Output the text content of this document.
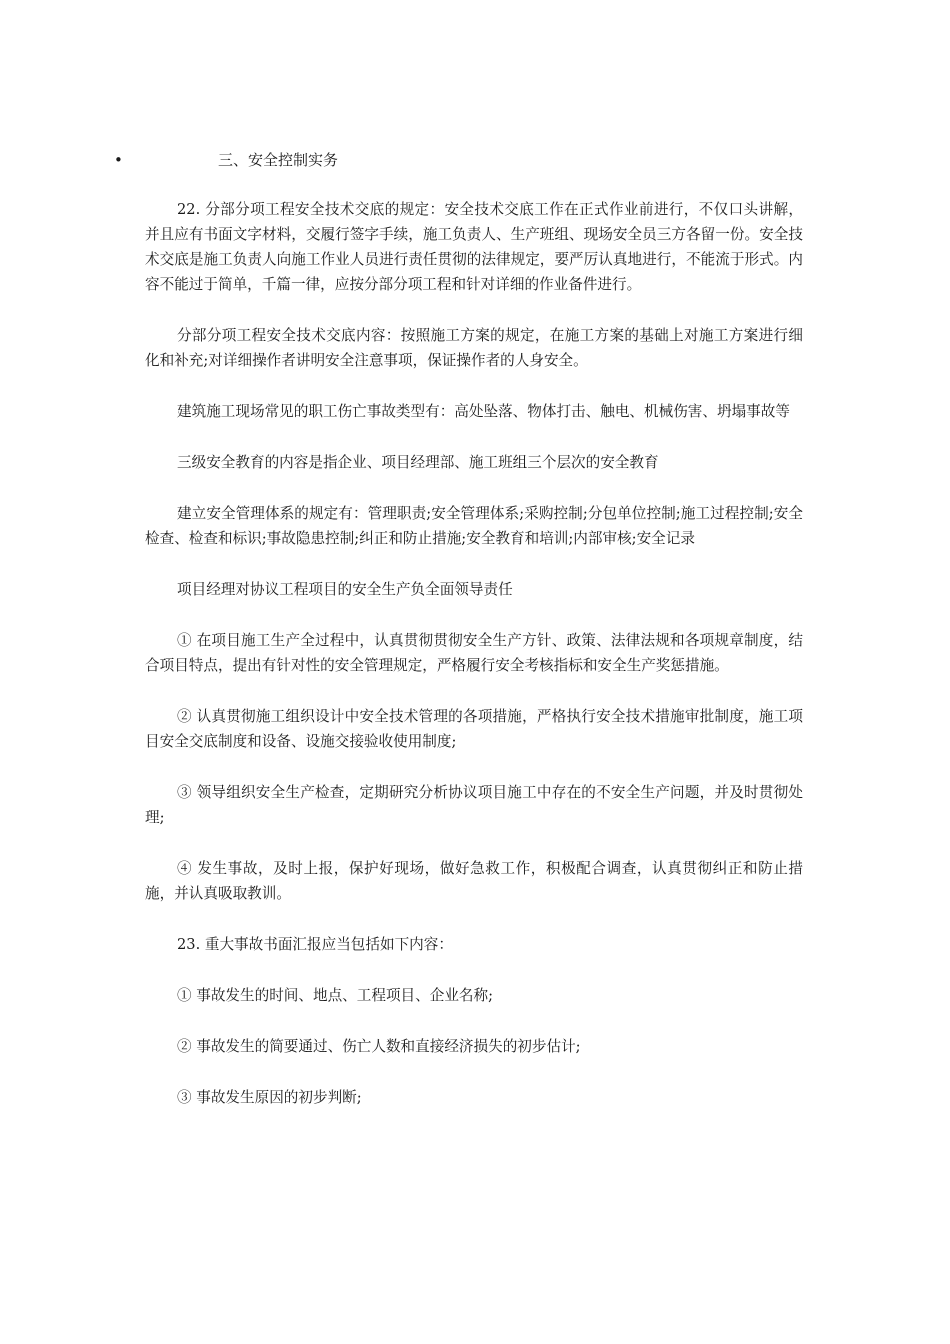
•	三、安全控制实务

22. 分部分项工程安全技术交底的规定：安全技术交底工作在正式作业前进行，不仅口头讲解，并且应有书面文字材料，交履行签字手续，施工负责人、生产班组、现场安全员三方各留一份。安全技术交底是施工负责人向施工作业人员进行责任贯彻的法律规定，要严厉认真地进行，不能流于形式。内容不能过于简单，千篇一律，应按分部分项工程和针对详细的作业备件进行。

分部分项工程安全技术交底内容：按照施工方案的规定，在施工方案的基础上对施工方案进行细化和补充;对详细操作者讲明安全注意事项，保证操作者的人身安全。

建筑施工现场常见的职工伤亡事故类型有：高处坠落、物体打击、触电、机械伤害、坍塌事故等

三级安全教育的内容是指企业、项目经理部、施工班组三个层次的安全教育

建立安全管理体系的规定有：管理职责;安全管理体系;采购控制;分包单位控制;施工过程控制;安全检查、检查和标识;事故隐患控制;纠正和防止措施;安全教育和培训;内部审核;安全记录

项目经理对协议工程项目的安全生产负全面领导责任

① 在项目施工生产全过程中，认真贯彻贯彻安全生产方针、政策、法律法规和各项规章制度，结合项目特点，提出有针对性的安全管理规定，严格履行安全考核指标和安全生产奖惩措施。

② 认真贯彻施工组织设计中安全技术管理的各项措施，严格执行安全技术措施审批制度，施工项目安全交底制度和设备、设施交接验收使用制度;

③ 领导组织安全生产检查，定期研究分析协议项目施工中存在的不安全生产问题，并及时贯彻处理;

④ 发生事故，及时上报，保护好现场，做好急救工作，积极配合调查，认真贯彻纠正和防止措施，并认真吸取教训。

23. 重大事故书面汇报应当包括如下内容：

① 事故发生的时间、地点、工程项目、企业名称;

② 事故发生的简要通过、伤亡人数和直接经济损失的初步估计;

③ 事故发生原因的初步判断;
